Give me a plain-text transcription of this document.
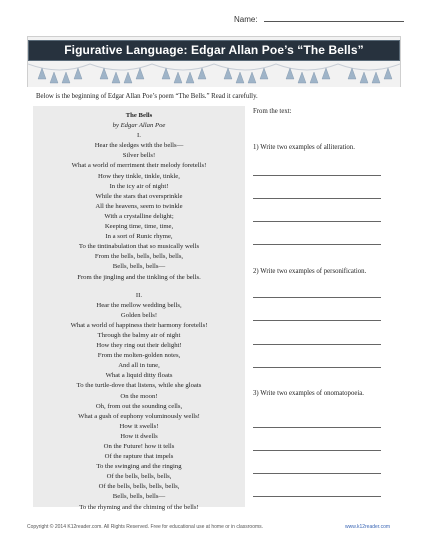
Name:
Figurative Language: Edgar Allan Poe’s “The Bells”
Below is the beginning of Edgar Allan Poe’s poem “The Bells.” Read it carefully.
The Bells
by Edgar Allan Poe
I.
Hear the sledges with the bells—
Silver bells!
What a world of merriment their melody foretells!
How they tinkle, tinkle, tinkle,
In the icy air of night!
While the stars that oversprinkle
All the heavens, seem to twinkle
With a crystalline delight;
Keeping time, time, time,
In a sort of Runic rhyme,
To the tintinabulation that so musically wells
From the bells, bells, bells, bells,
Bells, bells, bells—
From the jingling and the tinkling of the bells.
II.
Hear the mellow wedding bells,
Golden bells!
What a world of happiness their harmony foretells!
Through the balmy air of night
How they ring out their delight!
From the molten-golden notes,
And all in tune,
What a liquid ditty floats
To the turtle-dove that listens, while she gloats
On the moon!
Oh, from out the sounding cells,
What a gush of euphony voluminously wells!
How it swells!
How it dwells
On the Future! how it tells
Of the rapture that impels
To the swinging and the ringing
Of the bells, bells, bells,
Of the bells, bells, bells, bells,
Bells, bells, bells—
To the rhyming and the chiming of the bells!
From the text:
1) Write two examples of alliteration.
2) Write two examples of personification.
3) Write two examples of onomatopoeia.
Copyright © 2014 K12reader.com. All Rights Reserved. Free for educational use at home or in classrooms.	www.k12reader.com
